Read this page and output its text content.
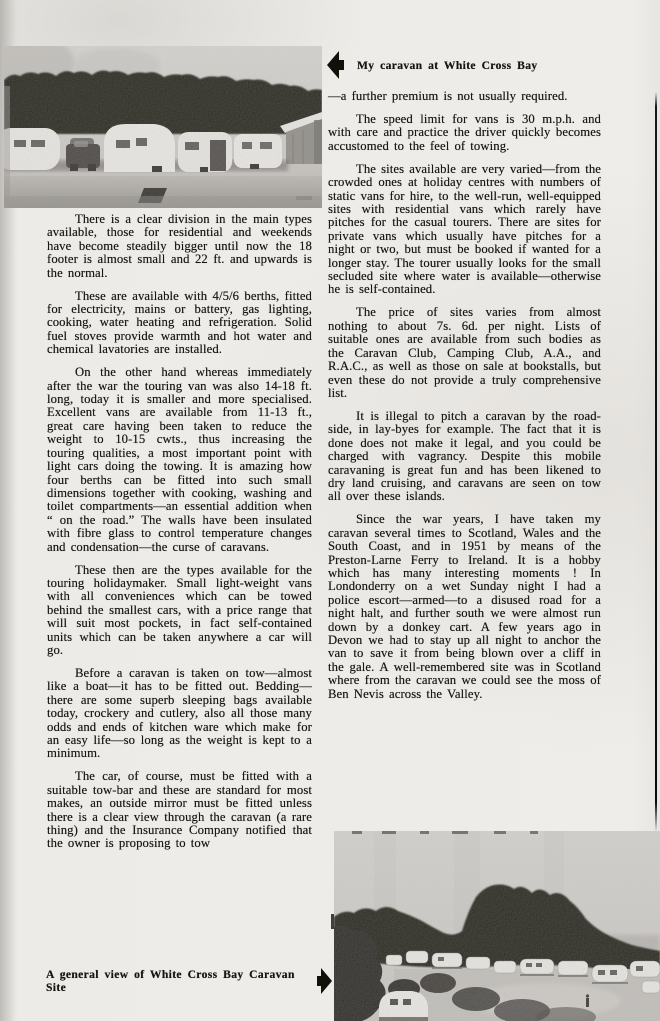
My caravan at White Cross Bay

There is a clear division in the main types available, those for residential and weekends have become steadily bigger until now the 18 footer is almost small and 22 ft. and upwards is the normal.

These are available with 4/5/6 berths, fitted for electricity, mains or battery, gas lighting, cooking, water heating and refrigeration. Solid fuel stoves provide warmth and hot water and chemical lavatories are installed.

On the other hand whereas immediately after the war the touring van was also 14-18 ft. long, today it is smaller and more specialised. Excellent vans are available from 11-13 ft., great care having been taken to reduce the weight to 10-15 cwts., thus increasing the touring qualities, a most important point with light cars doing the towing. It is amazing how four berths can be fitted into such small dimensions together with cooking, washing and toilet compartments—an essential addition when “ on the road.” The walls have been insulated with fibre glass to control temperature changes and condensation—the curse of caravans.

These then are the types available for the touring holidaymaker. Small light-weight vans with all conveniences which can be towed behind the smallest cars, with a price range that will suit most pockets, in fact self-contained units which can be taken anywhere a car will go.

Before a caravan is taken on tow—almost like a boat—it has to be fitted out. Bedding—there are some superb sleeping bags available today, crockery and cutlery, also all those many odds and ends of kitchen ware which make for an easy life—so long as the weight is kept to a minimum.

The car, of course, must be fitted with a suitable tow-bar and these are standard for most makes, an outside mirror must be fitted unless there is a clear view through the caravan (a rare thing) and the Insurance Company notified that the owner is proposing to tow

—a further premium is not usually required.

The speed limit for vans is 30 m.p.h. and with care and practice the driver quickly becomes accustomed to the feel of towing.

The sites available are very varied—from the crowded ones at holiday centres with numbers of static vans for hire, to the well-run, well-equipped sites with residential vans which rarely have pitches for the casual tourers. There are sites for private vans which usually have pitches for a night or two, but must be booked if wanted for a longer stay. The tourer usually looks for the small secluded site where water is available—otherwise he is self-contained.

The price of sites varies from almost nothing to about 7s. 6d. per night. Lists of suitable ones are available from such bodies as the Caravan Club, Camping Club, A.A., and R.A.C., as well as those on sale at bookstalls, but even these do not provide a truly comprehensive list.

It is illegal to pitch a caravan by the road-side, in lay-byes for example. The fact that it is done does not make it legal, and you could be charged with vagrancy. Despite this mobile caravaning is great fun and has been likened to dry land cruising, and caravans are seen on tow all over these islands.

Since the war years, I have taken my caravan several times to Scotland, Wales and the South Coast, and in 1951 by means of the Preston-Larne Ferry to Ireland. It is a hobby which has many interesting moments ! In Londonderry on a wet Sunday night I had a police escort—armed—to a disused road for a night halt, and further south we were almost run down by a donkey cart. A few years ago in Devon we had to stay up all night to anchor the van to save it from being blown over a cliff in the gale. A well-remembered site was in Scotland where from the caravan we could see the moss of Ben Nevis across the Valley.

A general view of White Cross Bay Caravan Site
